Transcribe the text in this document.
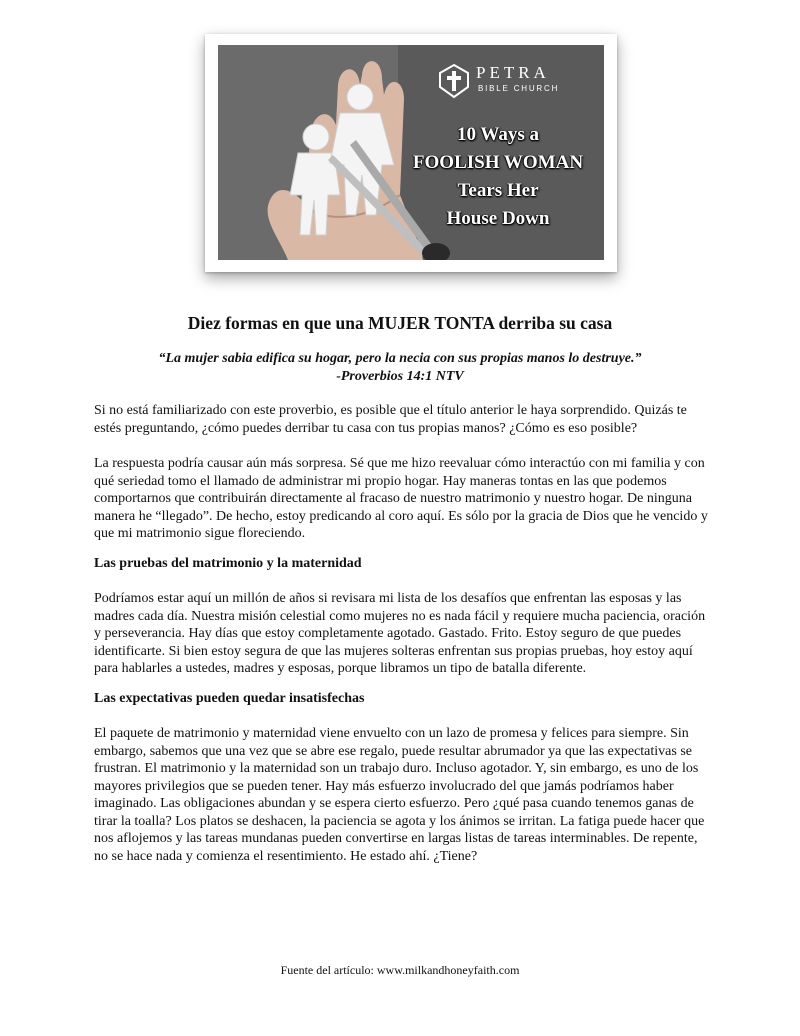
PETRA
BIBLE CHURCH
10 Ways a
FOOLISH WOMAN
Tears Her
House Down
Diez formas en que una MUJER TONTA derriba su casa
“La mujer sabia edifica su hogar, pero la necia con sus propias manos lo destruye.”
-Proverbios 14:1 NTV
Si no está familiarizado con este proverbio, es posible que el título anterior le haya sorprendido. Quizás te estés preguntando, ¿cómo puedes derribar tu casa con tus propias manos? ¿Cómo es eso posible?
La respuesta podría causar aún más sorpresa. Sé que me hizo reevaluar cómo interactúo con mi familia y con qué seriedad tomo el llamado de administrar mi propio hogar. Hay maneras tontas en las que podemos comportarnos que contribuirán directamente al fracaso de nuestro matrimonio y nuestro hogar. De ninguna manera he “llegado”. De hecho, estoy predicando al coro aquí. Es sólo por la gracia de Dios que he vencido y que mi matrimonio sigue floreciendo.
Las pruebas del matrimonio y la maternidad
Podríamos estar aquí un millón de años si revisara mi lista de los desafíos que enfrentan las esposas y las madres cada día. Nuestra misión celestial como mujeres no es nada fácil y requiere mucha paciencia, oración y perseverancia. Hay días que estoy completamente agotado. Gastado. Frito. Estoy seguro de que puedes identificarte. Si bien estoy segura de que las mujeres solteras enfrentan sus propias pruebas, hoy estoy aquí para hablarles a ustedes, madres y esposas, porque libramos un tipo de batalla diferente.
Las expectativas pueden quedar insatisfechas
El paquete de matrimonio y maternidad viene envuelto con un lazo de promesa y felices para siempre. Sin embargo, sabemos que una vez que se abre ese regalo, puede resultar abrumador ya que las expectativas se frustran. El matrimonio y la maternidad son un trabajo duro. Incluso agotador. Y, sin embargo, es uno de los mayores privilegios que se pueden tener. Hay más esfuerzo involucrado del que jamás podríamos haber imaginado. Las obligaciones abundan y se espera cierto esfuerzo. Pero ¿qué pasa cuando tenemos ganas de tirar la toalla? Los platos se deshacen, la paciencia se agota y los ánimos se irritan. La fatiga puede hacer que nos aflojemos y las tareas mundanas pueden convertirse en largas listas de tareas interminables. De repente, no se hace nada y comienza el resentimiento. He estado ahí. ¿Tiene?
Fuente del artículo: www.milkandhoneyfaith.com
